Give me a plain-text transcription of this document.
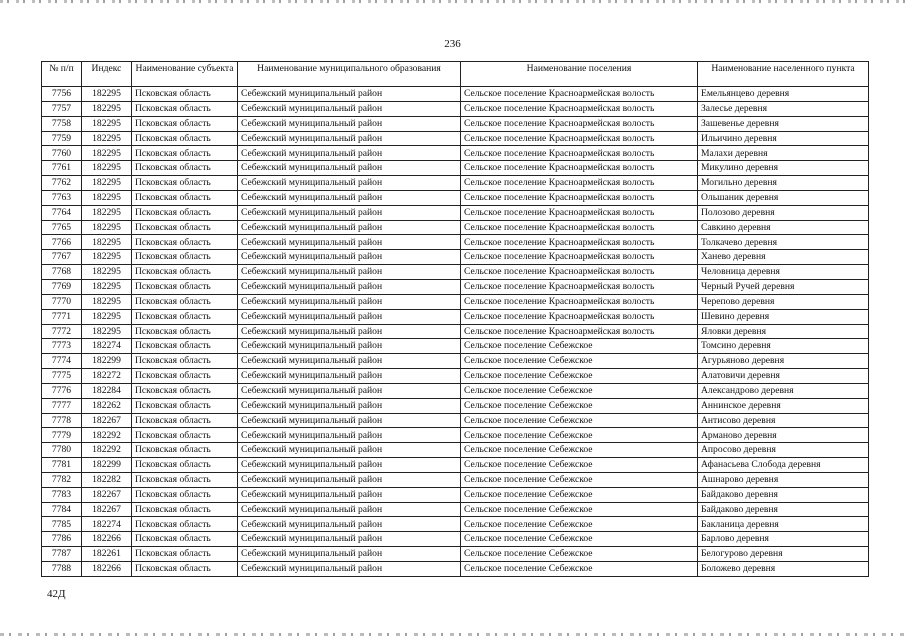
236
№ п/п	Индекс	Наименование субъекта	Наименование муниципального образования	Наименование поселения	Наименование населенного пункта
7756	182295	Псковская область	Себежский муниципальный район	Сельское поселение Красноармейская волость	Емельянцево деревня
7757	182295	Псковская область	Себежский муниципальный район	Сельское поселение Красноармейская волость	Залесье деревня
7758	182295	Псковская область	Себежский муниципальный район	Сельское поселение Красноармейская волость	Зашевенье деревня
7759	182295	Псковская область	Себежский муниципальный район	Сельское поселение Красноармейская волость	Ильичино деревня
7760	182295	Псковская область	Себежский муниципальный район	Сельское поселение Красноармейская волость	Малахи деревня
7761	182295	Псковская область	Себежский муниципальный район	Сельское поселение Красноармейская волость	Микулино деревня
7762	182295	Псковская область	Себежский муниципальный район	Сельское поселение Красноармейская волость	Могильно деревня
7763	182295	Псковская область	Себежский муниципальный район	Сельское поселение Красноармейская волость	Ольшаник деревня
7764	182295	Псковская область	Себежский муниципальный район	Сельское поселение Красноармейская волость	Полозово деревня
7765	182295	Псковская область	Себежский муниципальный район	Сельское поселение Красноармейская волость	Савкино деревня
7766	182295	Псковская область	Себежский муниципальный район	Сельское поселение Красноармейская волость	Толкачево деревня
7767	182295	Псковская область	Себежский муниципальный район	Сельское поселение Красноармейская волость	Ханево деревня
7768	182295	Псковская область	Себежский муниципальный район	Сельское поселение Красноармейская волость	Человница деревня
7769	182295	Псковская область	Себежский муниципальный район	Сельское поселение Красноармейская волость	Черный Ручей деревня
7770	182295	Псковская область	Себежский муниципальный район	Сельское поселение Красноармейская волость	Черепово деревня
7771	182295	Псковская область	Себежский муниципальный район	Сельское поселение Красноармейская волость	Шевино деревня
7772	182295	Псковская область	Себежский муниципальный район	Сельское поселение Красноармейская волость	Яловки деревня
7773	182274	Псковская область	Себежский муниципальный район	Сельское поселение Себежское	Томсино деревня
7774	182299	Псковская область	Себежский муниципальный район	Сельское поселение Себежское	Агурьяново деревня
7775	182272	Псковская область	Себежский муниципальный район	Сельское поселение Себежское	Алатовичи деревня
7776	182284	Псковская область	Себежский муниципальный район	Сельское поселение Себежское	Александрово деревня
7777	182262	Псковская область	Себежский муниципальный район	Сельское поселение Себежское	Аннинское деревня
7778	182267	Псковская область	Себежский муниципальный район	Сельское поселение Себежское	Антисово деревня
7779	182292	Псковская область	Себежский муниципальный район	Сельское поселение Себежское	Арманово деревня
7780	182292	Псковская область	Себежский муниципальный район	Сельское поселение Себежское	Апросово деревня
7781	182299	Псковская область	Себежский муниципальный район	Сельское поселение Себежское	Афанасьева Слобода деревня
7782	182282	Псковская область	Себежский муниципальный район	Сельское поселение Себежское	Ашнарово деревня
7783	182267	Псковская область	Себежский муниципальный район	Сельское поселение Себежское	Байдаково деревня
7784	182267	Псковская область	Себежский муниципальный район	Сельское поселение Себежское	Байдаково деревня
7785	182274	Псковская область	Себежский муниципальный район	Сельское поселение Себежское	Бакланица деревня
7786	182266	Псковская область	Себежский муниципальный район	Сельское поселение Себежское	Барлово деревня
7787	182261	Псковская область	Себежский муниципальный район	Сельское поселение Себежское	Белогурово деревня
7788	182266	Псковская область	Себежский муниципальный район	Сельское поселение Себежское	Боложево деревня
42Д
